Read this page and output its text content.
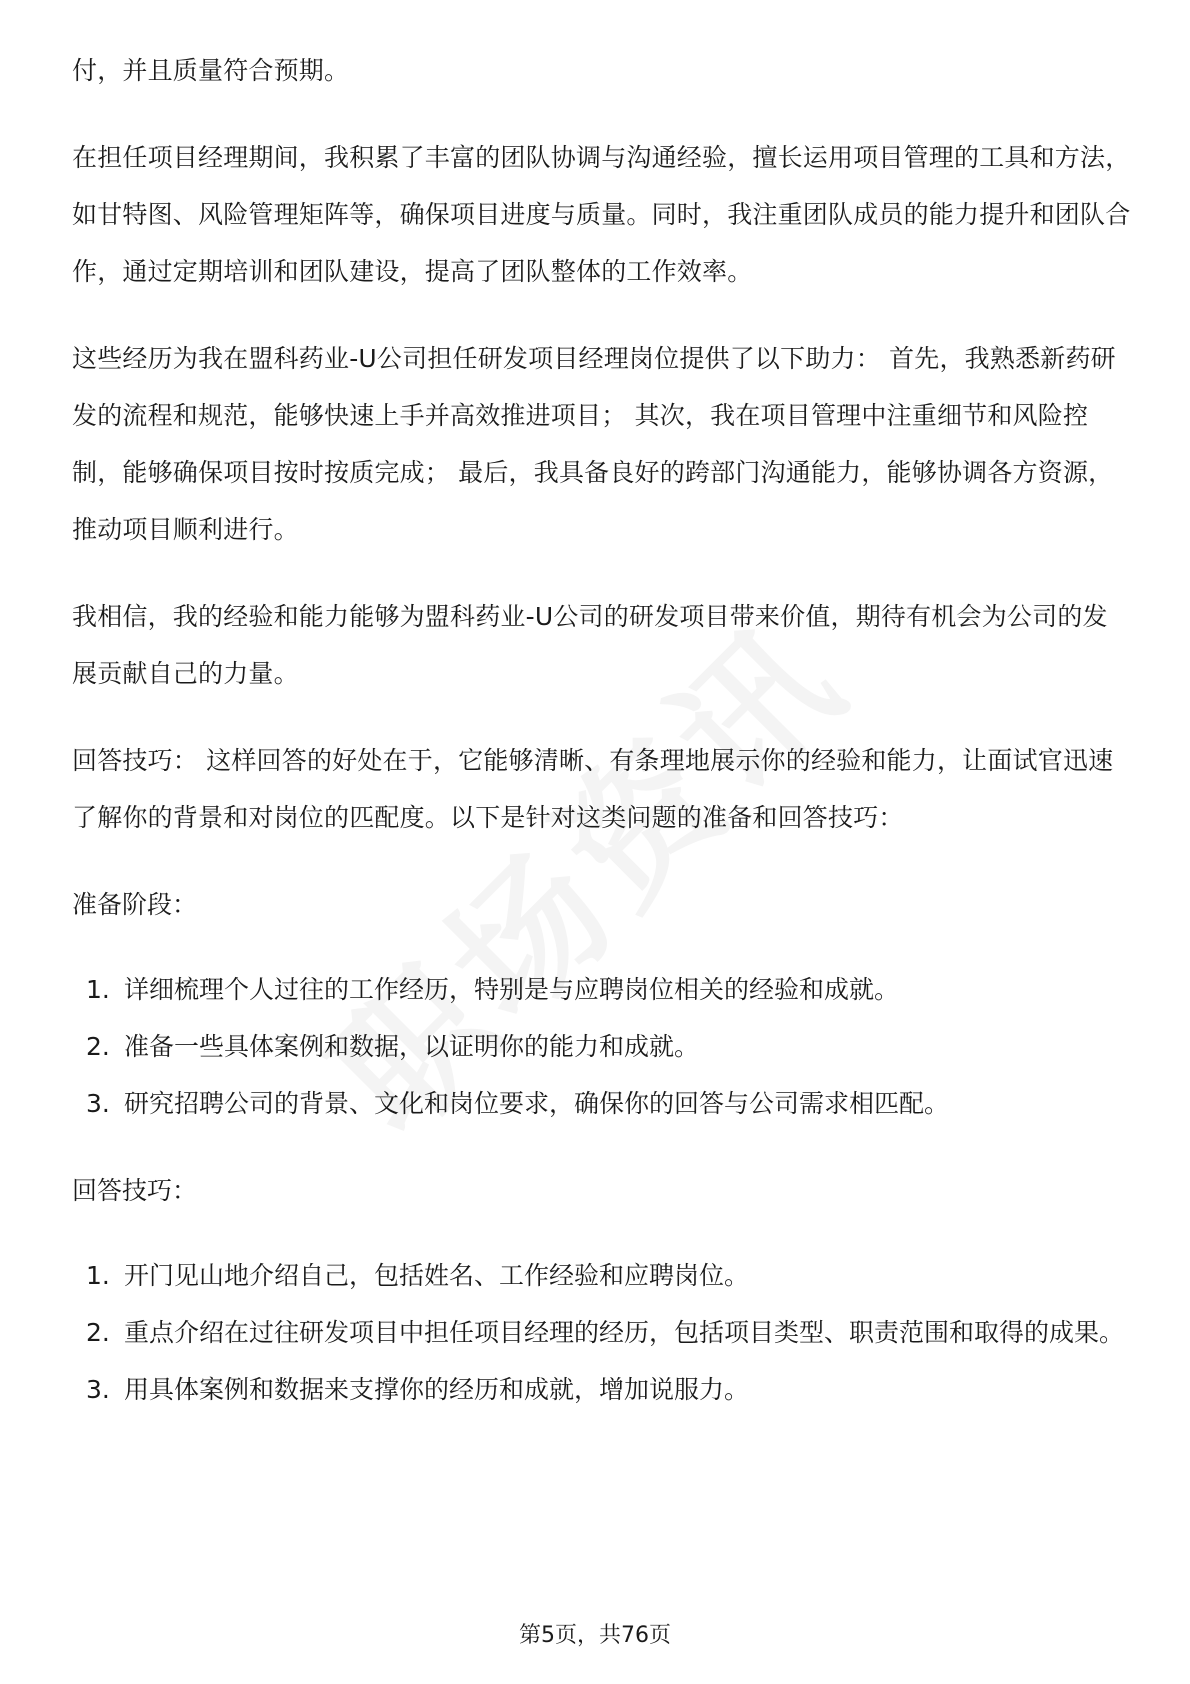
付，并且质量符合预期。

在担任项目经理期间，我积累了丰富的团队协调与沟通经验，擅长运用项目管理的工具和方法，如甘特图、风险管理矩阵等，确保项目进度与质量。同时，我注重团队成员的能力提升和团队合作，通过定期培训和团队建设，提高了团队整体的工作效率。

这些经历为我在盟科药业-U公司担任研发项目经理岗位提供了以下助力： 首先，我熟悉新药研发的流程和规范，能够快速上手并高效推进项目； 其次，我在项目管理中注重细节和风险控制，能够确保项目按时按质完成； 最后，我具备良好的跨部门沟通能力，能够协调各方资源，推动项目顺利进行。

我相信，我的经验和能力能够为盟科药业-U公司的研发项目带来价值，期待有机会为公司的发展贡献自己的力量。

回答技巧： 这样回答的好处在于，它能够清晰、有条理地展示你的经验和能力，让面试官迅速了解你的背景和对岗位的匹配度。以下是针对这类问题的准备和回答技巧：

准备阶段：

1. 详细梳理个人过往的工作经历，特别是与应聘岗位相关的经验和成就。
2. 准备一些具体案例和数据，以证明你的能力和成就。
3. 研究招聘公司的背景、文化和岗位要求，确保你的回答与公司需求相匹配。

回答技巧：

1. 开门见山地介绍自己，包括姓名、工作经验和应聘岗位。
2. 重点介绍在过往研发项目中担任项目经理的经历，包括项目类型、职责范围和取得的成果。
3. 用具体案例和数据来支撑你的经历和成就，增加说服力。
第5页，共76页
